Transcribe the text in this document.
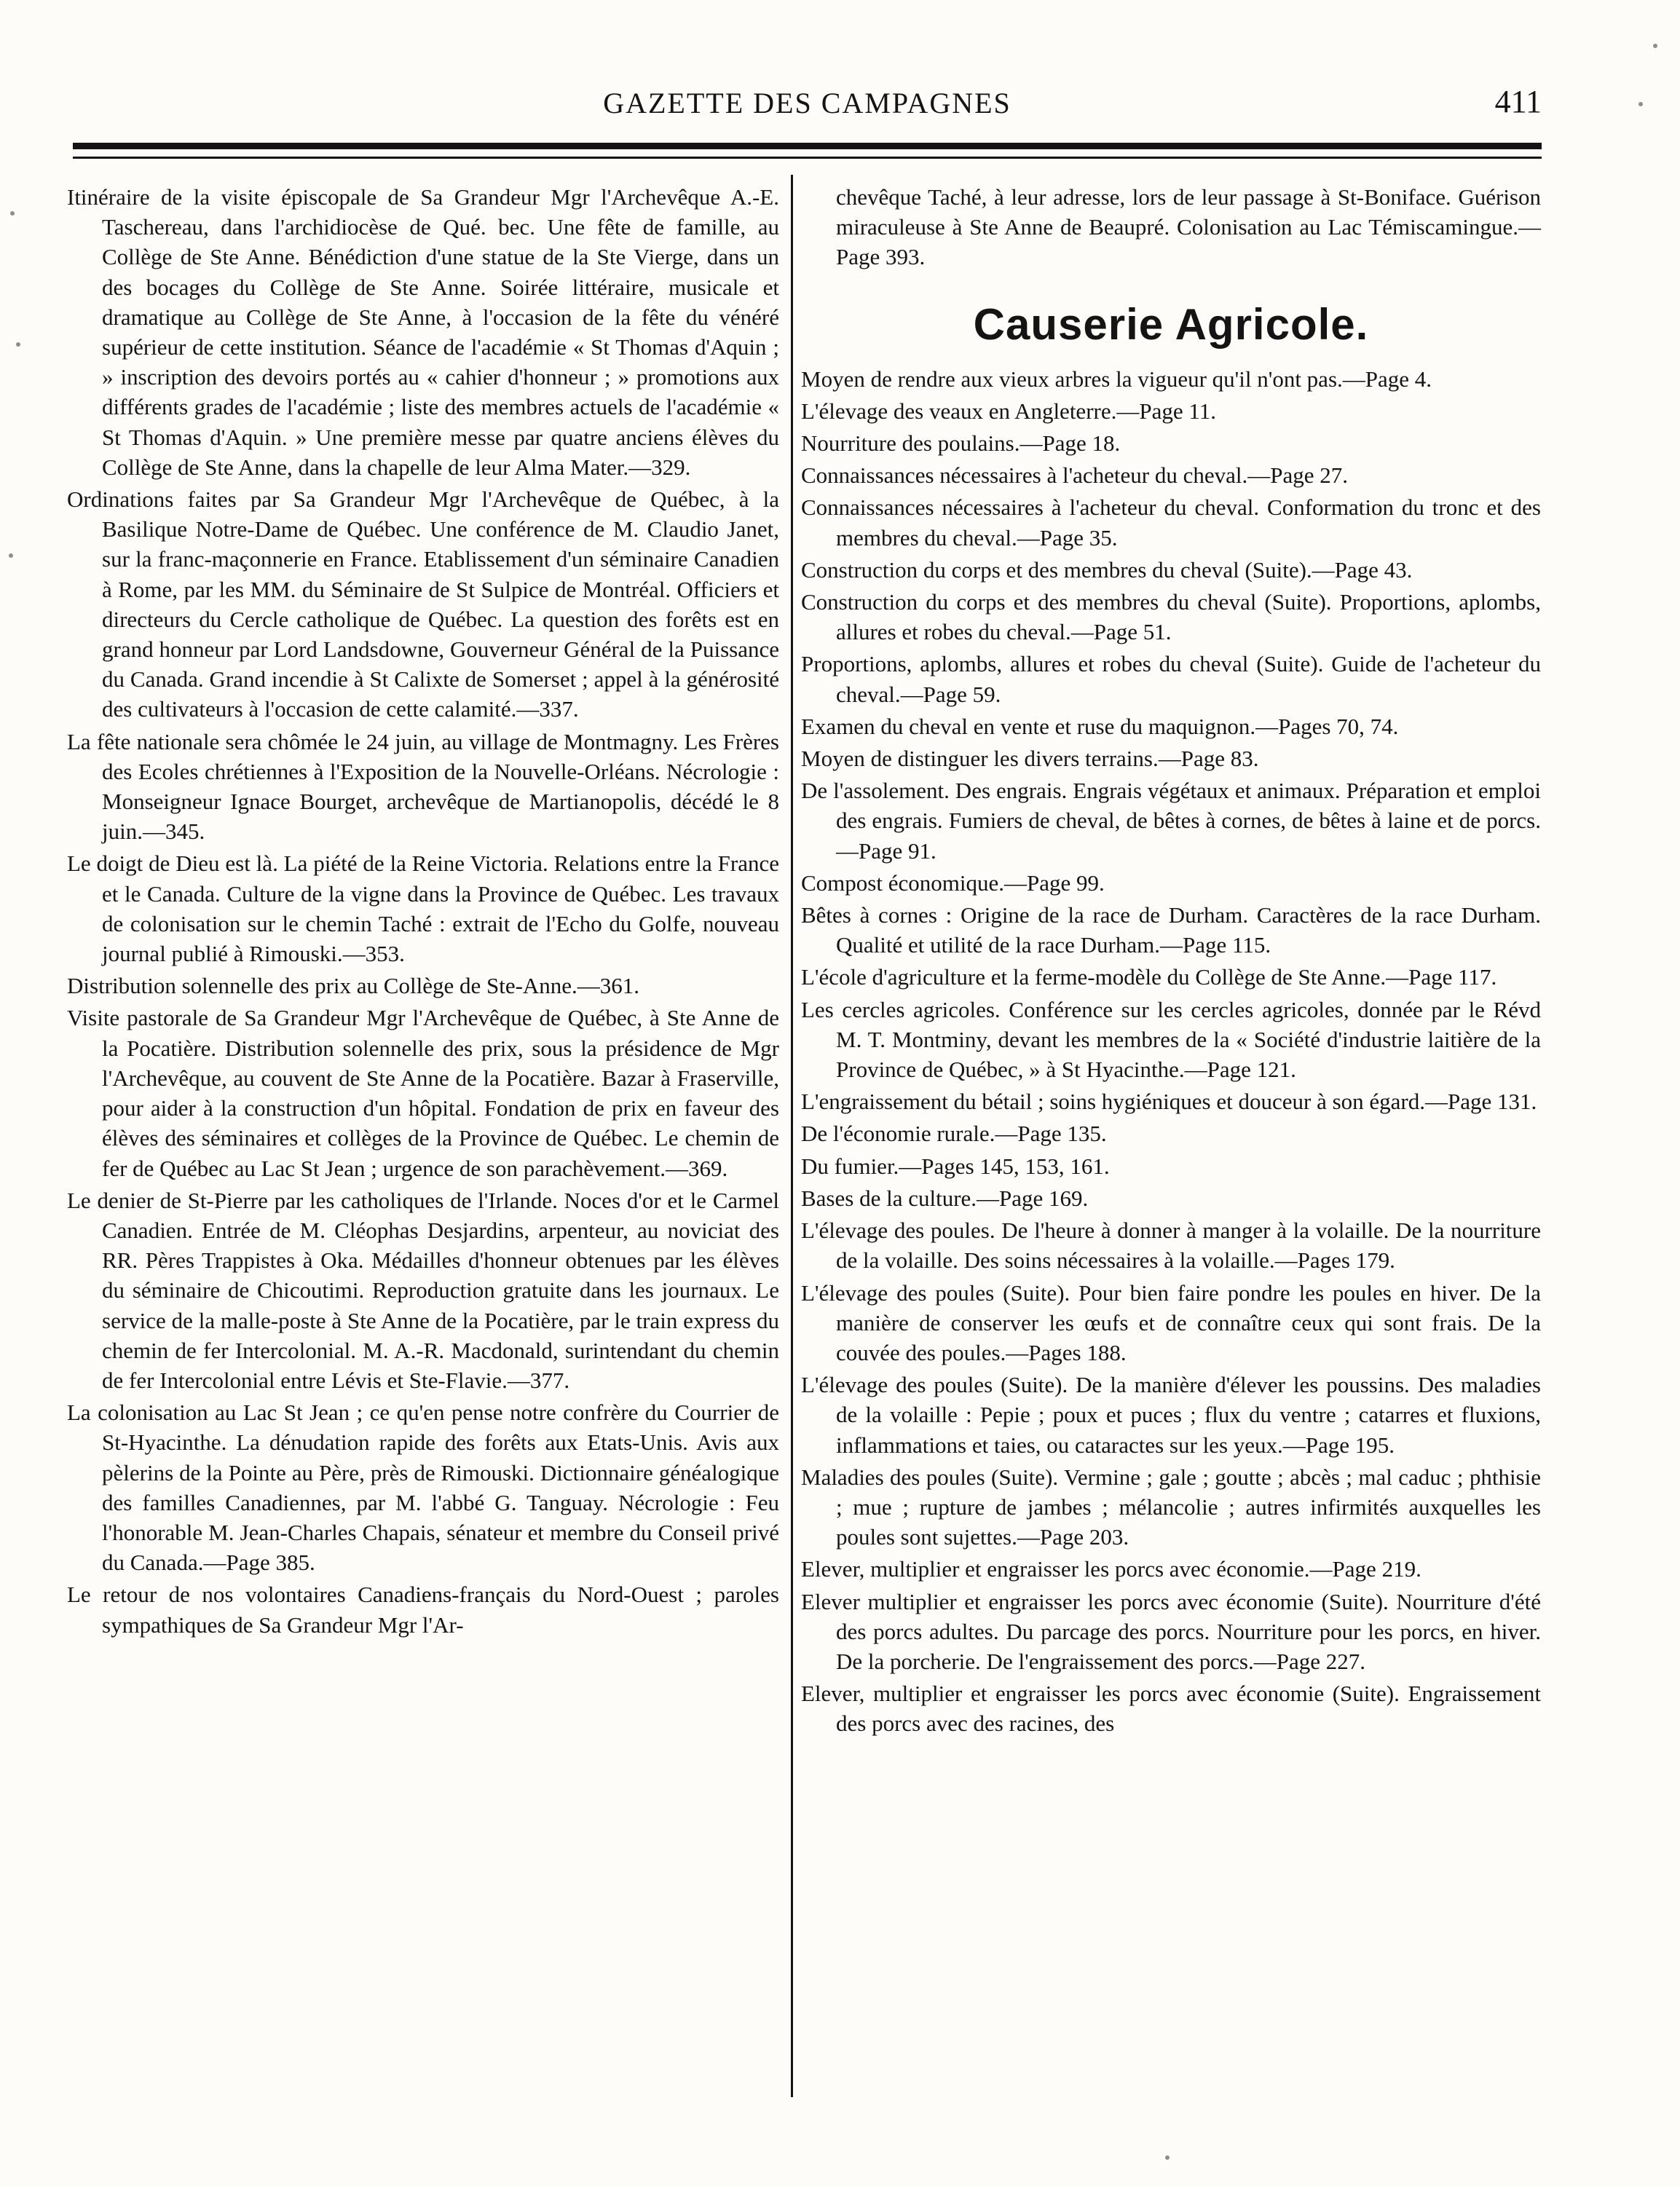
GAZETTE DES CAMPAGNES	411

Itinéraire de la visite épiscopale de Sa Grandeur Mgr l'Archevêque A.-E. Taschereau, dans l'archidiocèse de Qué. bec. Une fête de famille, au Collège de Ste Anne. Bénédiction d'une statue de la Ste Vierge, dans un des bocages du Collège de Ste Anne. Soirée littéraire, musicale et dramatique au Collège de Ste Anne, à l'occasion de la fête du vénéré supérieur de cette institution. Séance de l'académie « St Thomas d'Aquin ; » inscription des devoirs portés au « cahier d'honneur ; » promotions aux différents grades de l'académie ; liste des membres actuels de l'académie « St Thomas d'Aquin. » Une première messe par quatre anciens élèves du Collège de Ste Anne, dans la chapelle de leur Alma Mater.—329.

Ordinations faites par Sa Grandeur Mgr l'Archevêque de Québec, à la Basilique Notre-Dame de Québec. Une conférence de M. Claudio Janet, sur la franc-maçonnerie en France. Etablissement d'un séminaire Canadien à Rome, par les MM. du Séminaire de St Sulpice de Montréal. Officiers et directeurs du Cercle catholique de Québec. La question des forêts est en grand honneur par Lord Landsdowne, Gouverneur Général de la Puissance du Canada. Grand incendie à St Calixte de Somerset ; appel à la générosité des cultivateurs à l'occasion de cette calamité.—337.

La fête nationale sera chômée le 24 juin, au village de Montmagny. Les Frères des Ecoles chrétiennes à l'Exposition de la Nouvelle-Orléans. Nécrologie : Monseigneur Ignace Bourget, archevêque de Martianopolis, décédé le 8 juin.—345.

Le doigt de Dieu est là. La piété de la Reine Victoria. Relations entre la France et le Canada. Culture de la vigne dans la Province de Québec. Les travaux de colonisation sur le chemin Taché : extrait de l'Echo du Golfe, nouveau journal publié à Rimouski.—353.

Distribution solennelle des prix au Collège de Ste-Anne.—361.

Visite pastorale de Sa Grandeur Mgr l'Archevêque de Québec, à Ste Anne de la Pocatière. Distribution solennelle des prix, sous la présidence de Mgr l'Archevêque, au couvent de Ste Anne de la Pocatière. Bazar à Fraserville, pour aider à la construction d'un hôpital. Fondation de prix en faveur des élèves des séminaires et collèges de la Province de Québec. Le chemin de fer de Québec au Lac St Jean ; urgence de son parachèvement.—369.

Le denier de St-Pierre par les catholiques de l'Irlande. Noces d'or et le Carmel Canadien. Entrée de M. Cléophas Desjardins, arpenteur, au noviciat des RR. Pères Trappistes à Oka. Médailles d'honneur obtenues par les élèves du séminaire de Chicoutimi. Reproduction gratuite dans les journaux. Le service de la malle-poste à Ste Anne de la Pocatière, par le train express du chemin de fer Intercolonial. M. A.-R. Macdonald, surintendant du chemin de fer Intercolonial entre Lévis et Ste-Flavie.—377.

La colonisation au Lac St Jean ; ce qu'en pense notre confrère du Courrier de St-Hyacinthe. La dénudation rapide des forêts aux Etats-Unis. Avis aux pèlerins de la Pointe au Père, près de Rimouski. Dictionnaire généalogique des familles Canadiennes, par M. l'abbé G. Tanguay. Nécrologie : Feu l'honorable M. Jean-Charles Chapais, sénateur et membre du Conseil privé du Canada.—Page 385.

Le retour de nos volontaires Canadiens-français du Nord-Ouest ; paroles sympathiques de Sa Grandeur Mgr l'Ar-

chevêque Taché, à leur adresse, lors de leur passage à St-Boniface. Guérison miraculeuse à Ste Anne de Beaupré. Colonisation au Lac Témiscamingue.—Page 393.

Causerie Agricole.

Moyen de rendre aux vieux arbres la vigueur qu'il n'ont pas.—Page 4.

L'élevage des veaux en Angleterre.—Page 11.

Nourriture des poulains.—Page 18.

Connaissances nécessaires à l'acheteur du cheval.—Page 27.

Connaissances nécessaires à l'acheteur du cheval. Conformation du tronc et des membres du cheval.—Page 35.

Construction du corps et des membres du cheval (Suite).—Page 43.

Construction du corps et des membres du cheval (Suite). Proportions, aplombs, allures et robes du cheval.—Page 51.

Proportions, aplombs, allures et robes du cheval (Suite). Guide de l'acheteur du cheval.—Page 59.

Examen du cheval en vente et ruse du maquignon.—Pages 70, 74.

Moyen de distinguer les divers terrains.—Page 83.

De l'assolement. Des engrais. Engrais végétaux et animaux. Préparation et emploi des engrais. Fumiers de cheval, de bêtes à cornes, de bêtes à laine et de porcs.—Page 91.

Compost économique.—Page 99.

Bêtes à cornes : Origine de la race de Durham. Caractères de la race Durham. Qualité et utilité de la race Durham.—Page 115.

L'école d'agriculture et la ferme-modèle du Collège de Ste Anne.—Page 117.

Les cercles agricoles. Conférence sur les cercles agricoles, donnée par le Révd M. T. Montminy, devant les membres de la « Société d'industrie laitière de la Province de Québec, » à St Hyacinthe.—Page 121.

L'engraissement du bétail ; soins hygiéniques et douceur à son égard.—Page 131.

De l'économie rurale.—Page 135.

Du fumier.—Pages 145, 153, 161.

Bases de la culture.—Page 169.

L'élevage des poules. De l'heure à donner à manger à la volaille. De la nourriture de la volaille. Des soins nécessaires à la volaille.—Pages 179.

L'élevage des poules (Suite). Pour bien faire pondre les poules en hiver. De la manière de conserver les œufs et de connaître ceux qui sont frais. De la couvée des poules.—Pages 188.

L'élevage des poules (Suite). De la manière d'élever les poussins. Des maladies de la volaille : Pepie ; poux et puces ; flux du ventre ; catarres et fluxions, inflammations et taies, ou cataractes sur les yeux.—Page 195.

Maladies des poules (Suite). Vermine ; gale ; goutte ; abcès ; mal caduc ; phthisie ; mue ; rupture de jambes ; mélancolie ; autres infirmités auxquelles les poules sont sujettes.—Page 203.

Elever, multiplier et engraisser les porcs avec économie.—Page 219.

Elever multiplier et engraisser les porcs avec économie (Suite). Nourriture d'été des porcs adultes. Du parcage des porcs. Nourriture pour les porcs, en hiver. De la porcherie. De l'engraissement des porcs.—Page 227.

Elever, multiplier et engraisser les porcs avec économie (Suite). Engraissement des porcs avec des racines, des
